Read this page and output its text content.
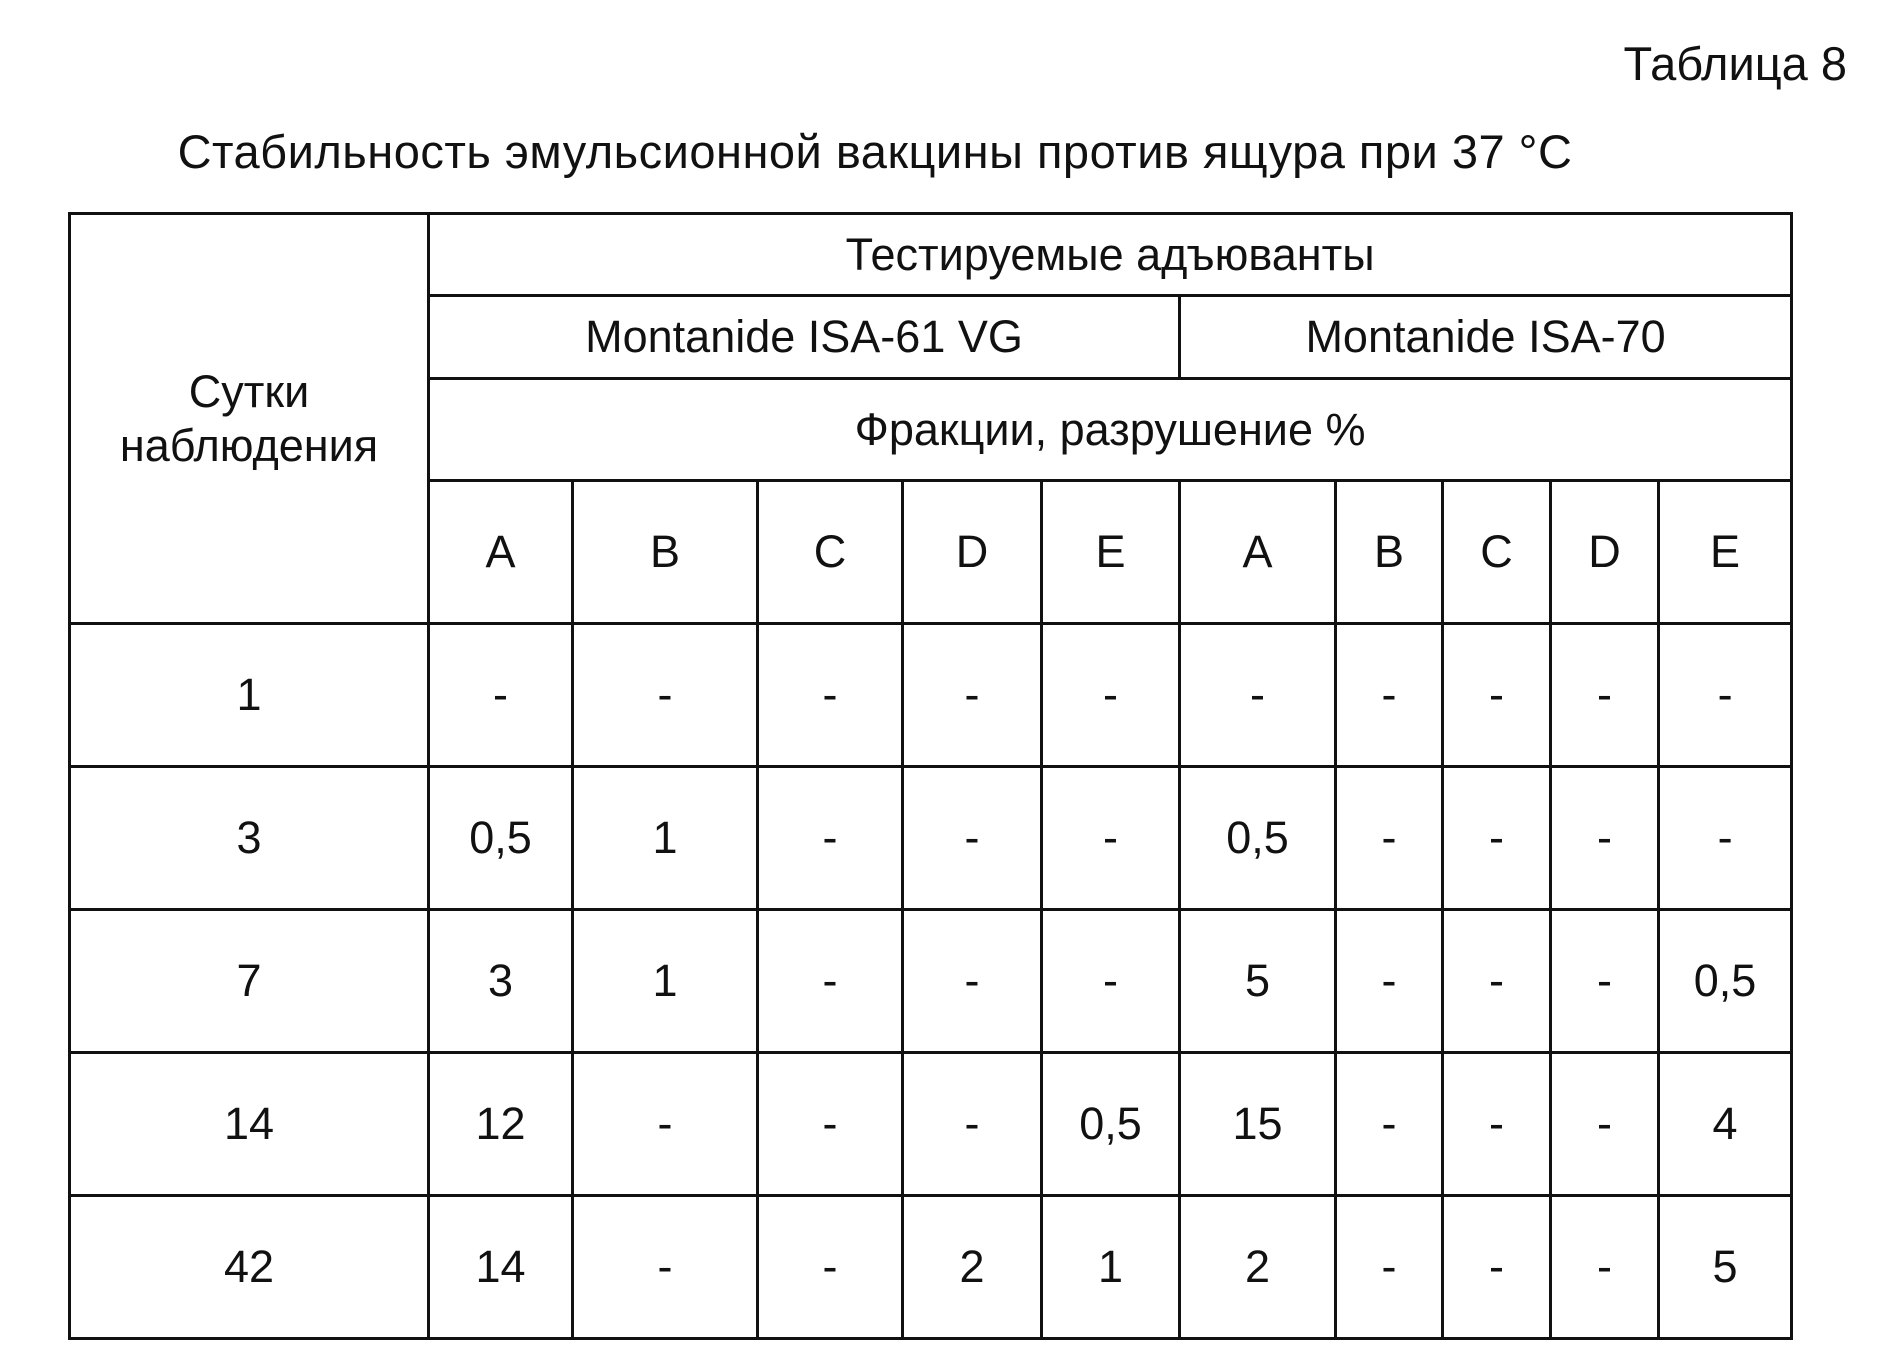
Таблица 8
Стабильность эмульсионной вакцины против ящура при 37 °С
Сутки наблюдения	Тестируемые адъюванты									
	Montanide ISA-61 VG					Montanide ISA-70				
	Фракции, разрушение %									
	A	B	C	D	E	A	B	C	D	E
1	-	-	-	-	-	-	-	-	-	-
3	0,5	1	-	-	-	0,5	-	-	-	-
7	3	1	-	-	-	5	-	-	-	0,5
14	12	-	-	-	0,5	15	-	-	-	4
42	14	-	-	2	1	2	-	-	-	5
